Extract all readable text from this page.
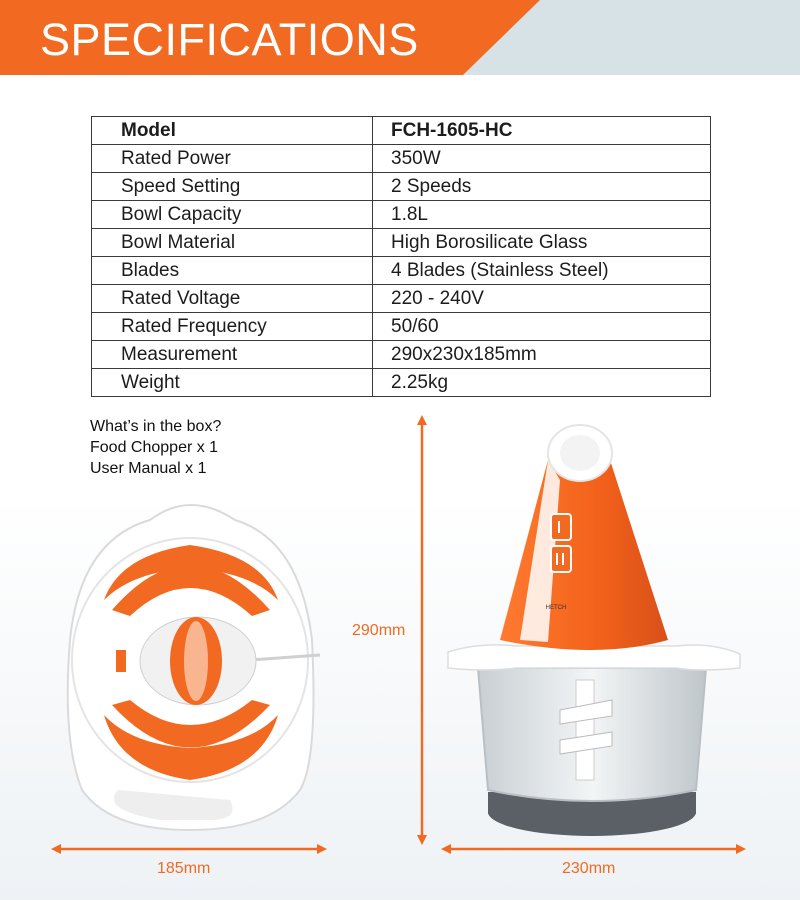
SPECIFICATIONS
Model	FCH-1605-HC
Rated Power	350W
Speed Setting	2 Speeds
Bowl Capacity	1.8L
Bowl Material	High Borosilicate Glass
Blades	4 Blades (Stainless Steel)
Rated Voltage	220 - 240V
Rated Frequency	50/60
Measurement	290x230x185mm
Weight	2.25kg
What’s in the box?
Food Chopper x 1
User Manual x 1
HETCH
185mm
290mm
230mm
